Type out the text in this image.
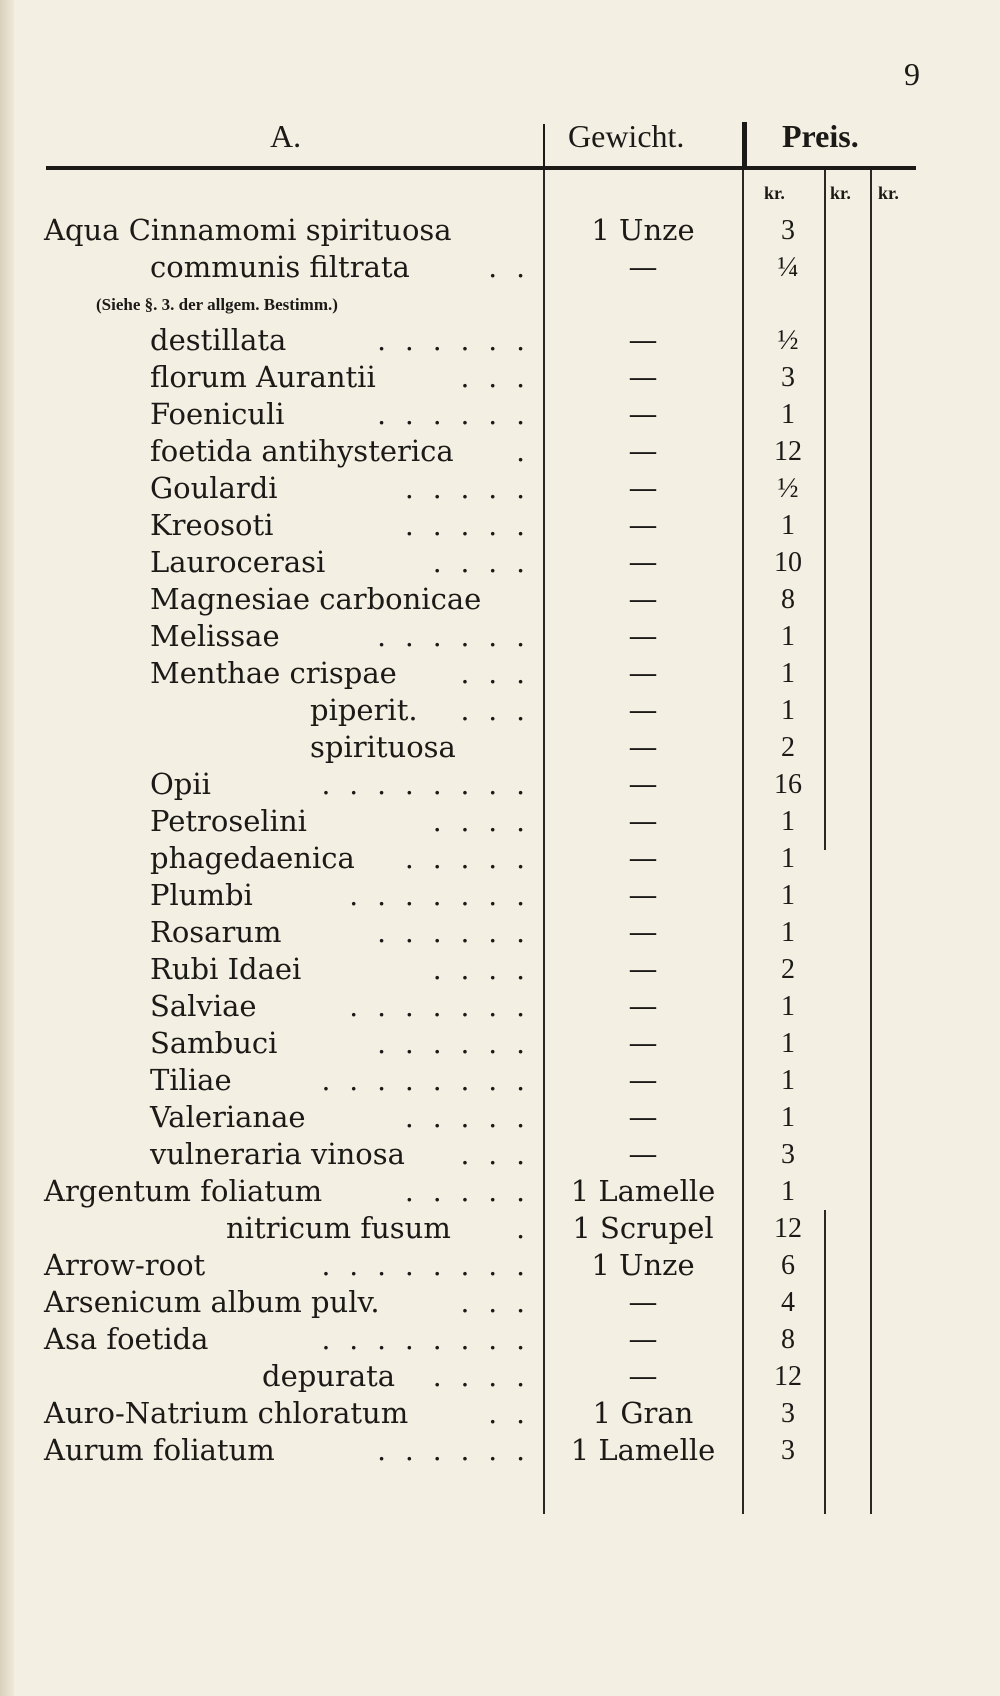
9
A.	Gewicht.	Preis.
kr.	kr. kr.
Aqua Cinnamomi spirituosa	1 Unze	3
communis filtrata	. .	—	¼
(Siehe §. 3. der allgem. Bestimm.)
destillata	. . . . . .	—	½
florum Aurantii	. . .	—	3
Foeniculi	. . . . . .	—	1
foetida antihysterica .	—	12
Goulardi	. . . . .	—	½
Kreosoti	. . . . .	—	1
Laurocerasi	. . . .	—	10
Magnesiae carbonicae	—	8
Melissae	. . . . . .	—	1
Menthae crispae . . .	—	1
piperit. . . .	—	1
spirituosa	—	2
Opii	. . . . . . . .	—	16
Petroselini	. . . .	—	1
phagedaenica . . . . .	—	1
Plumbi	. . . . . . .	—	1
Rosarum	. . . . . .	—	1
Rubi Idaei	. . . .	—	2
Salviae	. . . . . . .	—	1
Sambuci	. . . . . .	—	1
Tiliae	. . . . . . . .	—	1
Valerianae	. . . . .	—	1
vulneraria vinosa . . .	—	3
Argentum foliatum	. . . . .	1 Lamelle	1
nitricum fusum .	1 Scrupel	12
Arrow-root	. . . . . . . .	1 Unze	6
Arsenicum album pulv.	. . .	—	4
Asa foetida	. . . . . . . .	—	8
depurata . . . .	—	12
Auro-Natrium chloratum	. .	1 Gran	3
Aurum foliatum	. . . . . .	1 Lamelle	3
